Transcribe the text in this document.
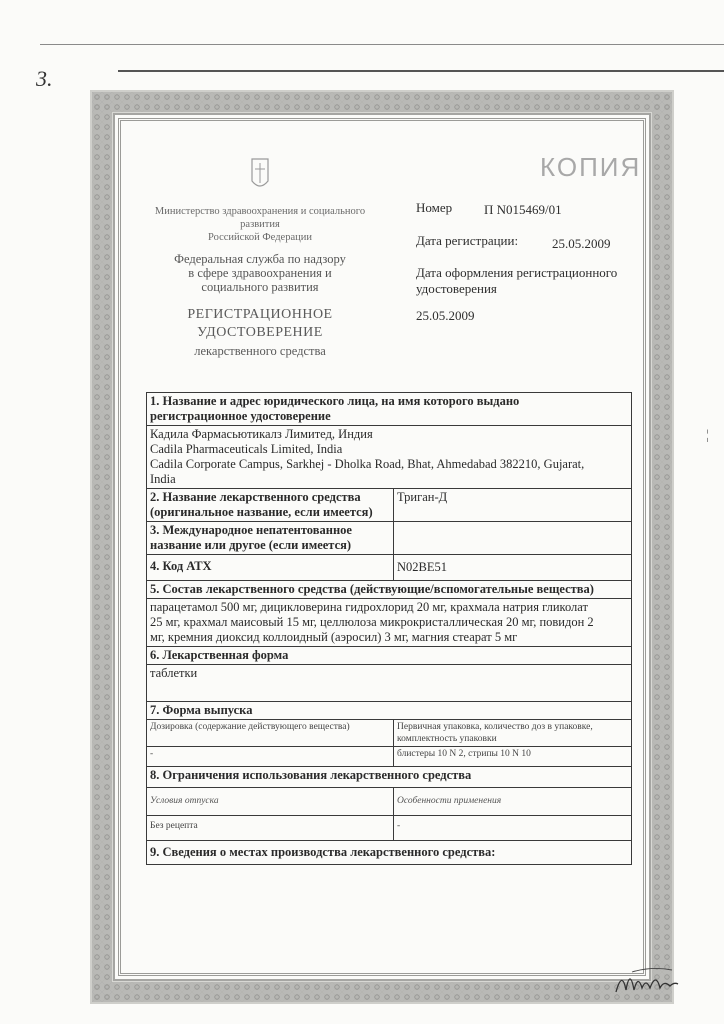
3.
¦
КОПИЯ
Министерство здравоохранения и социального
развития
Российской Федерации
Федеральная служба по надзору
в сфере здравоохранения и
социального развития
РЕГИСТРАЦИОННОЕ
УДОСТОВЕРЕНИЕ
лекарственного средства
Номер П N015469/01
Дата регистрации:	25.05.2009
Дата оформления регистрационного
удостоверения
25.05.2009
1. Название и адрес юридического лица, на имя которого выдано
регистрационное удостоверение	

Кадила Фармасьютикалз Лимитед, Индия
Cadila Pharmaceuticals Limited, India
Cadila Corporate Campus, Sarkhej - Dholka Road, Bhat, Ahmedabad 382210, Gujarat,
India	

2. Название лекарственного средства
(оригинальное название, если имеется)	Триган-Д

3. Международное непатентованное
название или другое (если имеется)	

4. Код АТХ	N02BE51
5. Состав лекарственного средства (действующие/вспомогательные вещества)	

парацетамол 500 мг, дицикловерина гидрохлорид 20 мг, крахмала натрия гликолат
25 мг, крахмал маисовый 15 мг, целлюлоза микрокристаллическая 20 мг, повидон 2
мг, кремния диоксид коллоидный (аэросил) 3 мг, магния стеарат 5 мг	

6. Лекарственная форма	
таблетки	
7. Форма выпуска	
Дозировка (содержание действующего вещества)	Первичная упаковка, количество доз в упаковке,
комплектность упаковки

-	блистеры 10 N 2, стрипы 10 N 10
8. Ограничения использования лекарственного средства	
Условия отпуска	Особенности применения
Без рецепта	-
9. Сведения о местах производства лекарственного средства:	
